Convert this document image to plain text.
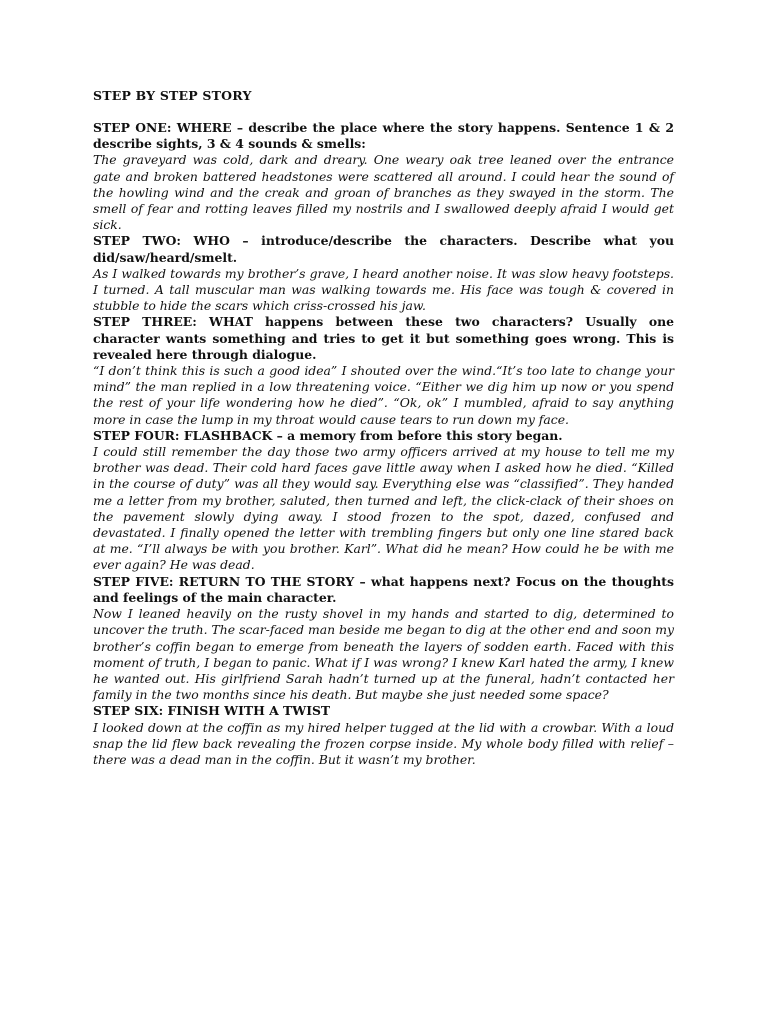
STEP BY STEP STORY

STEP ONE: WHERE – describe the place where the story happens. Sentence 1 & 2 describe sights, 3 & 4 sounds & smells:

The graveyard was cold, dark and dreary. One weary oak tree leaned over the entrance gate and broken battered headstones were scattered all around. I could hear the sound of the howling wind and the creak and groan of branches as they swayed in the storm. The smell of fear and rotting leaves filled my nostrils and I swallowed deeply afraid I would get sick.

STEP TWO: WHO – introduce/describe the characters. Describe what you did/saw/heard/smelt.

As I walked towards my brother’s grave, I heard another noise. It was slow heavy footsteps. I turned. A tall muscular man was walking towards me. His face was tough & covered in stubble to hide the scars which criss-crossed his jaw.

STEP THREE: WHAT happens between these two characters? Usually one character wants something and tries to get it but something goes wrong. This is revealed here through dialogue.

“I don’t think this is such a good idea” I shouted over the wind.“It’s too late to change your mind” the man replied in a low threatening voice. “Either we dig him up now or you spend the rest of your life wondering how he died”. “Ok, ok” I mumbled, afraid to say anything more in case the lump in my throat would cause tears to run down my face.

STEP FOUR: FLASHBACK – a memory from before this story began.

I could still remember the day those two army officers arrived at my house to tell me my brother was dead. Their cold hard faces gave little away when I asked how he died. “Killed in the course of duty” was all they would say. Everything else was “classified”. They handed me a letter from my brother, saluted, then turned and left, the click-clack of their shoes on the pavement slowly dying away. I stood frozen to the spot, dazed, confused and devastated. I finally opened the letter with trembling fingers but only one line stared back at me. “I’ll always be with you brother. Karl”. What did he mean? How could he be with me ever again? He was dead.

STEP FIVE: RETURN TO THE STORY – what happens next? Focus on the thoughts and feelings of the main character.

Now I leaned heavily on the rusty shovel in my hands and started to dig, determined to uncover the truth. The scar-faced man beside me began to dig at the other end and soon my brother’s coffin began to emerge from beneath the layers of sodden earth. Faced with this moment of truth, I began to panic. What if I was wrong? I knew Karl hated the army, I knew he wanted out. His girlfriend Sarah hadn’t turned up at the funeral, hadn’t contacted her family in the two months since his death. But maybe she just needed some space?

STEP SIX: FINISH WITH A TWIST

I looked down at the coffin as my hired helper tugged at the lid with a crowbar. With a loud snap the lid flew back revealing the frozen corpse inside. My whole body filled with relief – there was a dead man in the coffin. But it wasn’t my brother.
